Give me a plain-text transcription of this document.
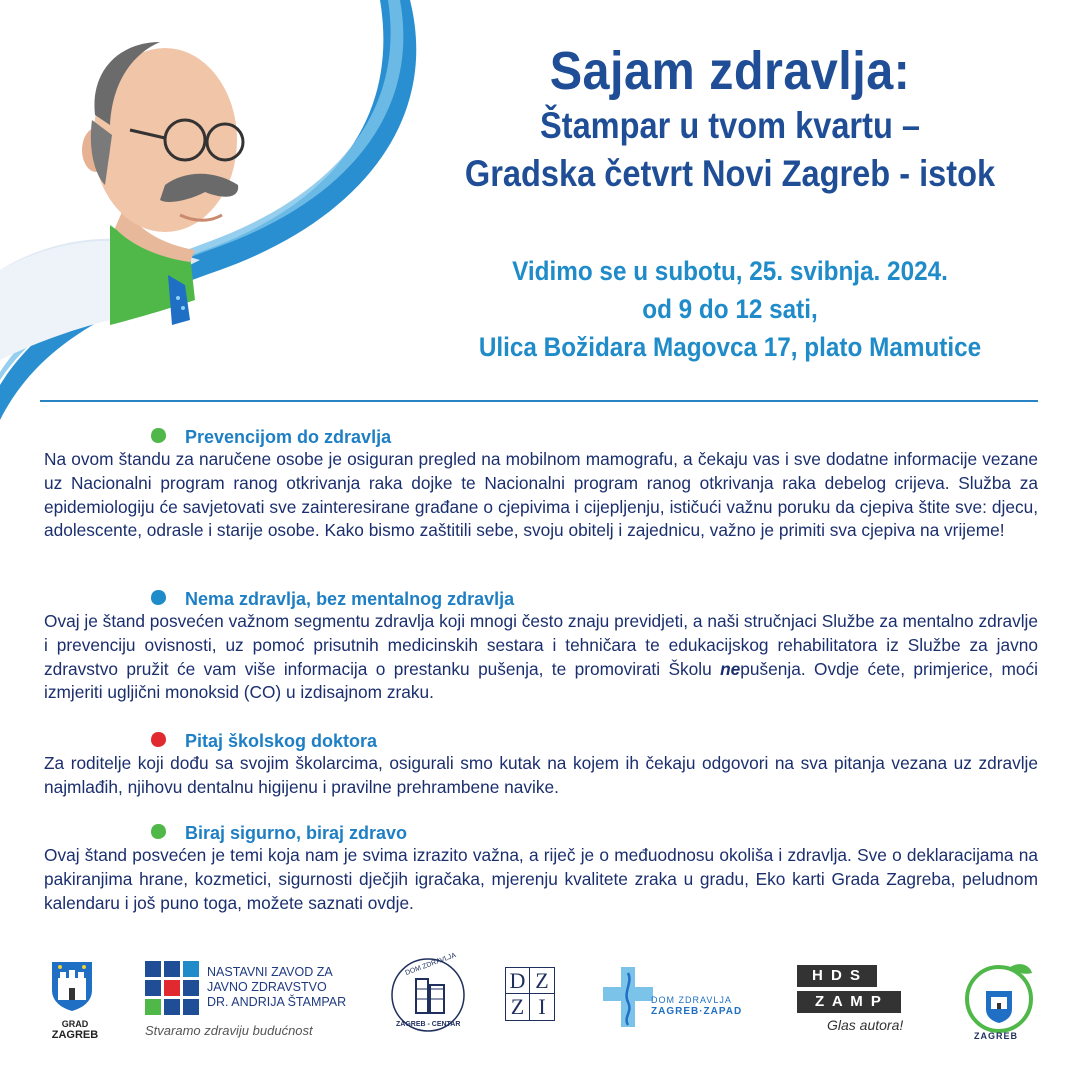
Sajam zdravlja:

Štampar u tvom kvartu –

Gradska četvrt Novi Zagreb - istok

Vidimo se u subotu, 25. svibnja. 2024.
od 9 do 12 sati,
Ulica Božidara Magovca 17, plato Mamutice
Prevencijom do zdravlja

Na ovom štandu za naručene osobe je osiguran pregled na mobilnom mamografu, a čekaju vas i sve dodatne informacije vezane uz Nacionalni program ranog otkrivanja raka dojke te Nacionalni program ranog otkrivanja raka debelog crijeva. Služba za epidemiologiju će savjetovati sve zainteresirane građane o cjepivima i cijepljenju, ističući važnu poruku da cjepiva štite sve: djecu, adolescente, odrasle i starije osobe. Kako bismo zaštitili sebe, svoju obitelj i zajednicu, važno je primiti sva cjepiva na vrijeme!

Nema zdravlja, bez mentalnog zdravlja

Ovaj je štand posvećen važnom segmentu zdravlja koji mnogi često znaju previdjeti, a naši stručnjaci Službe za mentalno zdravlje i prevenciju ovisnosti, uz pomoć prisutnih medicinskih sestara i tehničara te edukacijskog rehabilitatora iz Službe za javno zdravstvo pružit će vam više informacija o prestanku pušenja, te promovirati Školu nepušenja. Ovdje ćete, primjerice, moći izmjeriti ugljični monoksid (CO) u izdisajnom zraku.

Pitaj školskog doktora

Za roditelje koji dođu sa svojim školarcima, osigurali smo kutak na kojem ih čekaju odgovori na sva pitanja vezana uz zdravlje najmlađih, njihovu dentalnu higijenu i pravilne prehrambene navike.

Biraj sigurno, biraj zdravo

Ovaj štand posvećen je temi koja nam je svima izrazito važna, a riječ je o međuodnosu okoliša i zdravlja. Sve o deklaracijama na pakiranjima hrane, kozmetici, sigurnosti dječjih igračaka, mjerenju kvalitete zraka u gradu, Eko karti Grada Zagreba, peludnom kalendaru i još puno toga, možete saznati ovdje.

GRAD
ZAGREB
NASTAVNI ZAVOD ZA
JAVNO ZDRAVSTVO
DR. ANDRIJA ŠTAMPAR
Stvaramo zdraviju budućnost
DOM ZDRAVLJA
ZAGREB - CENTAR
D Z
Z I	DOM ZDRAVLJA
ZAGREB·ZAPAD
H D S
Z A M P
Glas autora!
ZAGREB
